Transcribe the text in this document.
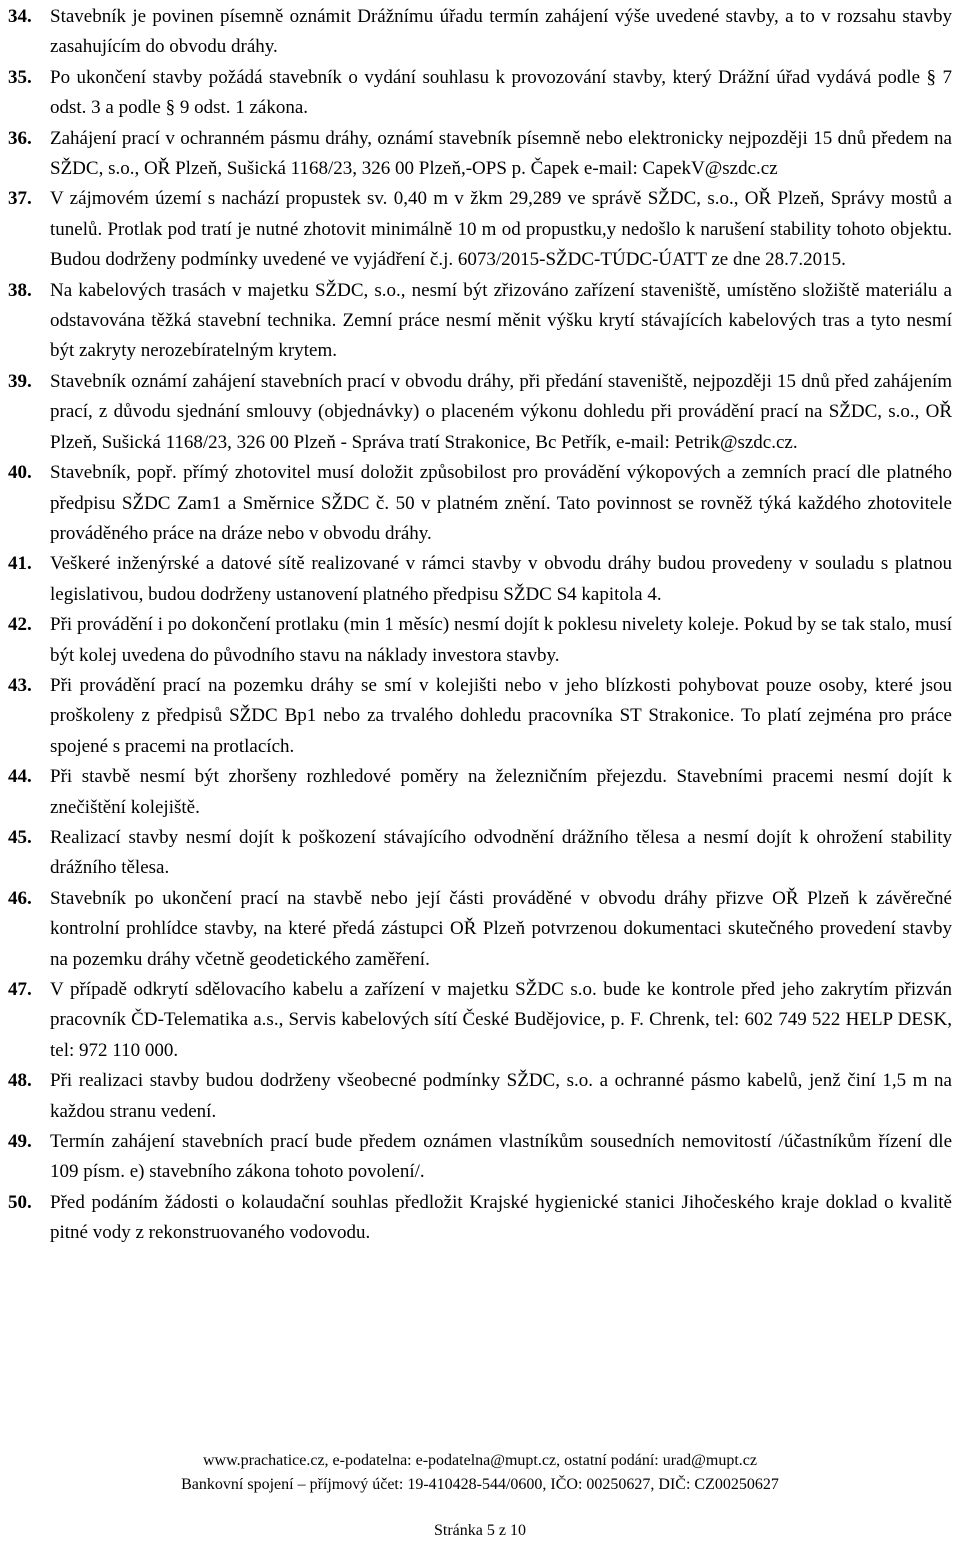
34. Stavebník je povinen písemně oznámit Drážnímu úřadu termín zahájení výše uvedené stavby, a to v rozsahu stavby zasahujícím do obvodu dráhy.
35. Po ukončení stavby požádá stavebník o vydání souhlasu k provozování stavby, který Drážní úřad vydává podle § 7 odst. 3 a podle § 9 odst. 1 zákona.
36. Zahájení prací v ochranném pásmu dráhy, oznámí stavebník písemně nebo elektronicky nejpozději 15 dnů předem na SŽDC, s.o., OŘ Plzeň, Sušická 1168/23, 326 00 Plzeň,-OPS p. Čapek e-mail: CapekV@szdc.cz
37. V zájmovém území s nachází propustek sv. 0,40 m v žkm 29,289 ve správě SŽDC, s.o., OŘ Plzeň, Správy mostů a tunelů. Protlak pod tratí je nutné zhotovit minimálně 10 m od propustku,y nedošlo k narušení stability tohoto objektu. Budou dodrženy podmínky uvedené ve vyjádření č.j. 6073/2015-SŽDC-TÚDC-ÚATT ze dne 28.7.2015.
38. Na kabelových trasách v majetku SŽDC, s.o., nesmí být zřizováno zařízení staveniště, umístěno složiště materiálu a odstavována těžká stavební technika. Zemní práce nesmí měnit výšku krytí stávajících kabelových tras a tyto nesmí být zakryty nerozebíratelným krytem.
39. Stavebník oznámí zahájení stavebních prací v obvodu dráhy, při předání staveniště, nejpozději 15 dnů před zahájením prací, z důvodu sjednání smlouvy (objednávky) o placeném výkonu dohledu při provádění prací na SŽDC, s.o., OŘ Plzeň, Sušická 1168/23, 326 00 Plzeň - Správa tratí Strakonice, Bc Petřík, e-mail: Petrik@szdc.cz.
40. Stavebník, popř. přímý zhotovitel musí doložit způsobilost pro provádění výkopových a zemních prací dle platného předpisu SŽDC Zam1 a Směrnice SŽDC č. 50 v platném znění. Tato povinnost se rovněž týká každého zhotovitele prováděného práce na dráze nebo v obvodu dráhy.
41. Veškeré inženýrské a datové sítě realizované v rámci stavby v obvodu dráhy budou provedeny v souladu s platnou legislativou, budou dodrženy ustanovení platného předpisu SŽDC S4 kapitola 4.
42. Při provádění i po dokončení protlaku (min 1 měsíc) nesmí dojít k poklesu nivelety koleje. Pokud by se tak stalo, musí být kolej uvedena do původního stavu na náklady investora stavby.
43. Při provádění prací na pozemku dráhy se smí v kolejišti nebo v jeho blízkosti pohybovat pouze osoby, které jsou proškoleny z předpisů SŽDC Bp1 nebo za trvalého dohledu pracovníka ST Strakonice. To platí zejména pro práce spojené s pracemi na protlacích.
44. Při stavbě nesmí být zhoršeny rozhledové poměry na železničním přejezdu. Stavebními pracemi nesmí dojít k znečištění kolejiště.
45. Realizací stavby nesmí dojít k poškození stávajícího odvodnění drážního tělesa a nesmí dojít k ohrožení stability drážního tělesa.
46. Stavebník po ukončení prací na stavbě nebo její části prováděné v obvodu dráhy přizve OŘ Plzeň k závěrečné kontrolní prohlídce stavby, na které předá zástupci OŘ Plzeň potvrzenou dokumentaci skutečného provedení stavby na pozemku dráhy včetně geodetického zaměření.
47. V případě odkrytí sdělovacího kabelu a zařízení v majetku SŽDC s.o. bude ke kontrole před jeho zakrytím přizván pracovník ČD-Telematika a.s., Servis kabelových sítí České Budějovice, p. F. Chrenk, tel: 602 749 522 HELP DESK, tel: 972 110 000.
48. Při realizaci stavby budou dodrženy všeobecné podmínky SŽDC, s.o. a ochranné pásmo kabelů, jenž činí 1,5 m na každou stranu vedení.
49. Termín zahájení stavebních prací bude předem oznámen vlastníkům sousedních nemovitostí /účastníkům řízení dle 109 písm. e) stavebního zákona tohoto povolení/.
50. Před podáním žádosti o kolaudační souhlas předložit Krajské hygienické stanici Jihočeského kraje doklad o kvalitě pitné vody z rekonstruovaného vodovodu.
www.prachatice.cz, e-podatelna: e-podatelna@mupt.cz, ostatní podání: urad@mupt.cz
Bankovní spojení – příjmový účet: 19-410428-544/0600, IČO: 00250627, DIČ: CZ00250627
Stránka 5 z 10
